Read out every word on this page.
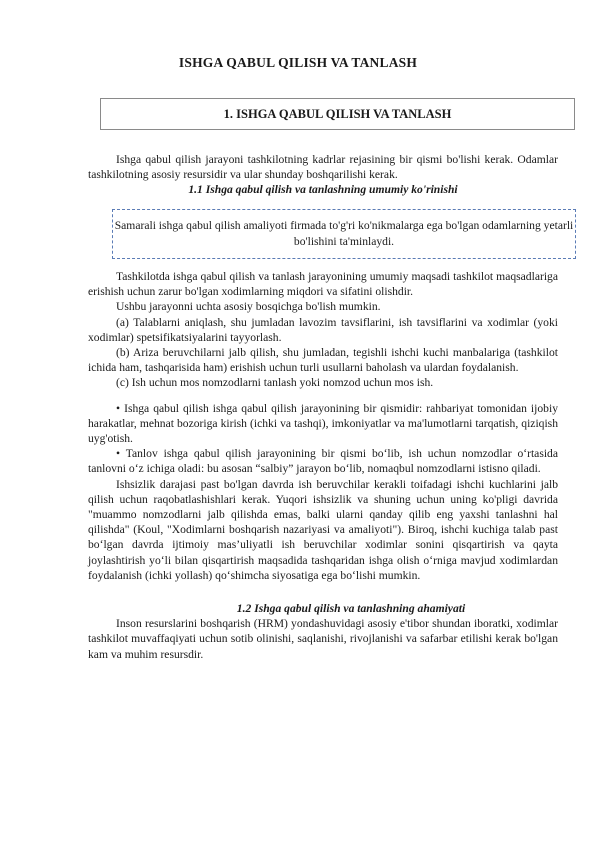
ISHGA QABUL QILISH VA TANLASH
1. ISHGA QABUL QILISH VA TANLASH

Ishga qabul qilish jarayoni tashkilotning kadrlar rejasining bir qismi bo'lishi kerak. Odamlar tashkilotning asosiy resursidir va ular shunday boshqarilishi kerak.

1.1 Ishga qabul qilish va tanlashning umumiy ko'rinishi

Samarali ishga qabul qilish amaliyoti firmada to'g'ri ko'nikmalarga ega bo'lgan odamlarning yetarli bo'lishini ta'minlaydi.

Tashkilotda ishga qabul qilish va tanlash jarayonining umumiy maqsadi tashkilot maqsadlariga erishish uchun zarur bo'lgan xodimlarning miqdori va sifatini olishdir.

Ushbu jarayonni uchta asosiy bosqichga bo'lish mumkin.

(a) Talablarni aniqlash, shu jumladan lavozim tavsiflarini, ish tavsiflarini va xodimlar (yoki xodimlar) spetsifikatsiyalarini tayyorlash.

(b) Ariza beruvchilarni jalb qilish, shu jumladan, tegishli ishchi kuchi manbalariga (tashkilot ichida ham, tashqarisida ham) erishish uchun turli usullarni baholash va ulardan foydalanish.

(c) Ish uchun mos nomzodlarni tanlash yoki nomzod uchun mos ish.

• Ishga qabul qilish ishga qabul qilish jarayonining bir qismidir: rahbariyat tomonidan ijobiy harakatlar, mehnat bozoriga kirish (ichki va tashqi), imkoniyatlar va ma'lumotlarni tarqatish, qiziqish uyg'otish.

• Tanlov ishga qabul qilish jarayonining bir qismi bo‘lib, ish uchun nomzodlar o‘rtasida tanlovni o‘z ichiga oladi: bu asosan “salbiy” jarayon bo‘lib, nomaqbul nomzodlarni istisno qiladi.

Ishsizlik darajasi past bo'lgan davrda ish beruvchilar kerakli toifadagi ishchi kuchlarini jalb qilish uchun raqobatlashishlari kerak. Yuqori ishsizlik va shuning uchun uning ko'pligi davrida "muammo nomzodlarni jalb qilishda emas, balki ularni qanday qilib eng yaxshi tanlashni hal qilishda" (Koul, "Xodimlarni boshqarish nazariyasi va amaliyoti"). Biroq, ishchi kuchiga talab past bo‘lgan davrda ijtimoiy mas’uliyatli ish beruvchilar xodimlar sonini qisqartirish va qayta joylashtirish yo‘li bilan qisqartirish maqsadida tashqaridan ishga olish o‘rniga mavjud xodimlardan foydalanish (ichki yollash) qo‘shimcha siyosatiga ega bo‘lishi mumkin.

1.2 Ishga qabul qilish va tanlashning ahamiyati

Inson resurslarini boshqarish (HRM) yondashuvidagi asosiy e'tibor shundan iboratki, xodimlar tashkilot muvaffaqiyati uchun sotib olinishi, saqlanishi, rivojlanishi va safarbar etilishi kerak bo'lgan kam va muhim resursdir.
